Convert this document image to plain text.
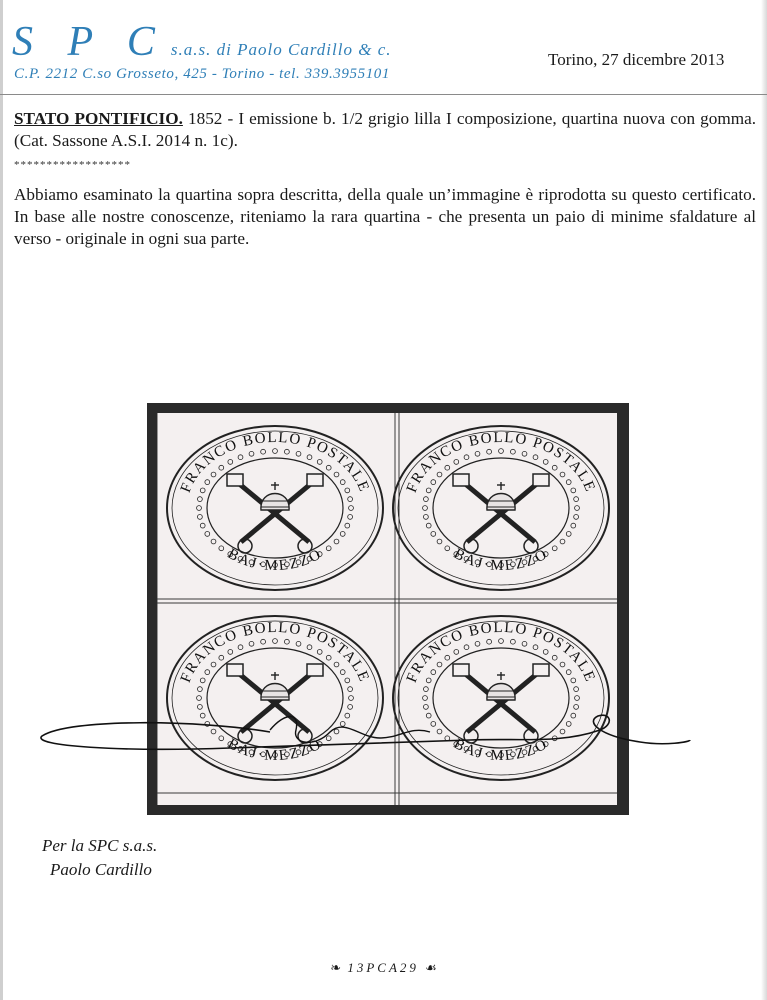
S P C s.a.s. di Paolo Cardillo & c.
C.P. 2212 C.so Grosseto, 425 - Torino - tel. 339.3955101
Torino, 27 dicembre 2013
STATO PONTIFICIO. 1852 - I emissione b. 1/2 grigio lilla I composizione, quartina nuova con gomma. (Cat. Sassone A.S.I. 2014 n. 1c).
******************
Abbiamo esaminato la quartina sopra descritta, della quale un’immagine è riprodotta su questo certificato. In base alle nostre conoscenze, riteniamo la rara quartina - che presenta un paio di minime sfaldature al verso - originale in ogni sua parte.
FRANCO BOLLO POSTALE
BAJ·MEZZO
FRANCO BOLLO POSTALE
BAJ·MEZZO
FRANCO BOLLO POSTALE
BAJ·MEZZO
FRANCO BOLLO POSTALE
BAJ·MEZZO
Per la SPC s.a.s.
Paolo Cardillo
❧ 13PCA29 ☙
